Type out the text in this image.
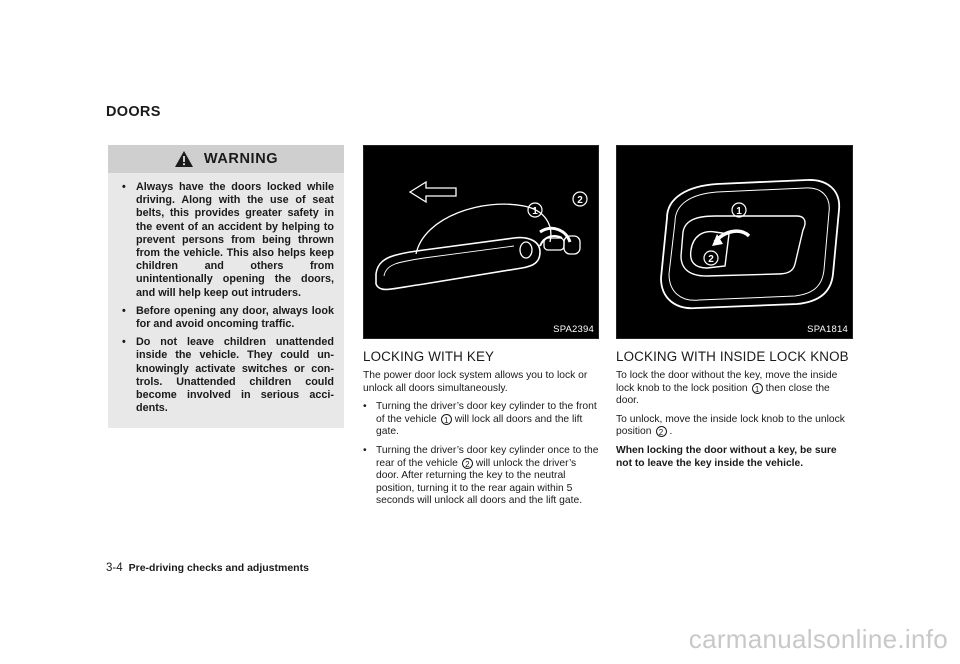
DOORS
WARNING
• Always have the doors locked while driving. Along with the use of seat belts, this provides greater safety in the event of an accident by helping to prevent persons from being thrown from the vehicle. This also helps keep children and others from unintentionally opening the doors, and will help keep out intruders.
• Before opening any door, always look for and avoid oncoming traffic.
• Do not leave children unattended inside the vehicle. They could un- knowingly activate switches or con- trols. Unattended children could become involved in serious acci- dents.
1
2
SPA2394
1
2
SPA1814
LOCKING WITH KEY

The power door lock system allows you to lock or unlock all doors simultaneously.

• Turning the driver’s door key cylinder to the front of the vehicle 1 will lock all doors and the lift gate.
• Turning the driver’s door key cylinder once to the rear of the vehicle 2 will unlock the driver’s door. After returning the key to the neutral position, turning it to the rear again within 5 seconds will unlock all doors and the lift gate.
LOCKING WITH INSIDE LOCK KNOB

To lock the door without the key, move the inside lock knob to the lock position 1 then close the door.

To unlock, move the inside lock knob to the unlock position 2 .

When locking the door without a key, be sure not to leave the key inside the vehicle.

3-4 Pre-driving checks and adjustments
carmanualsonline.info
